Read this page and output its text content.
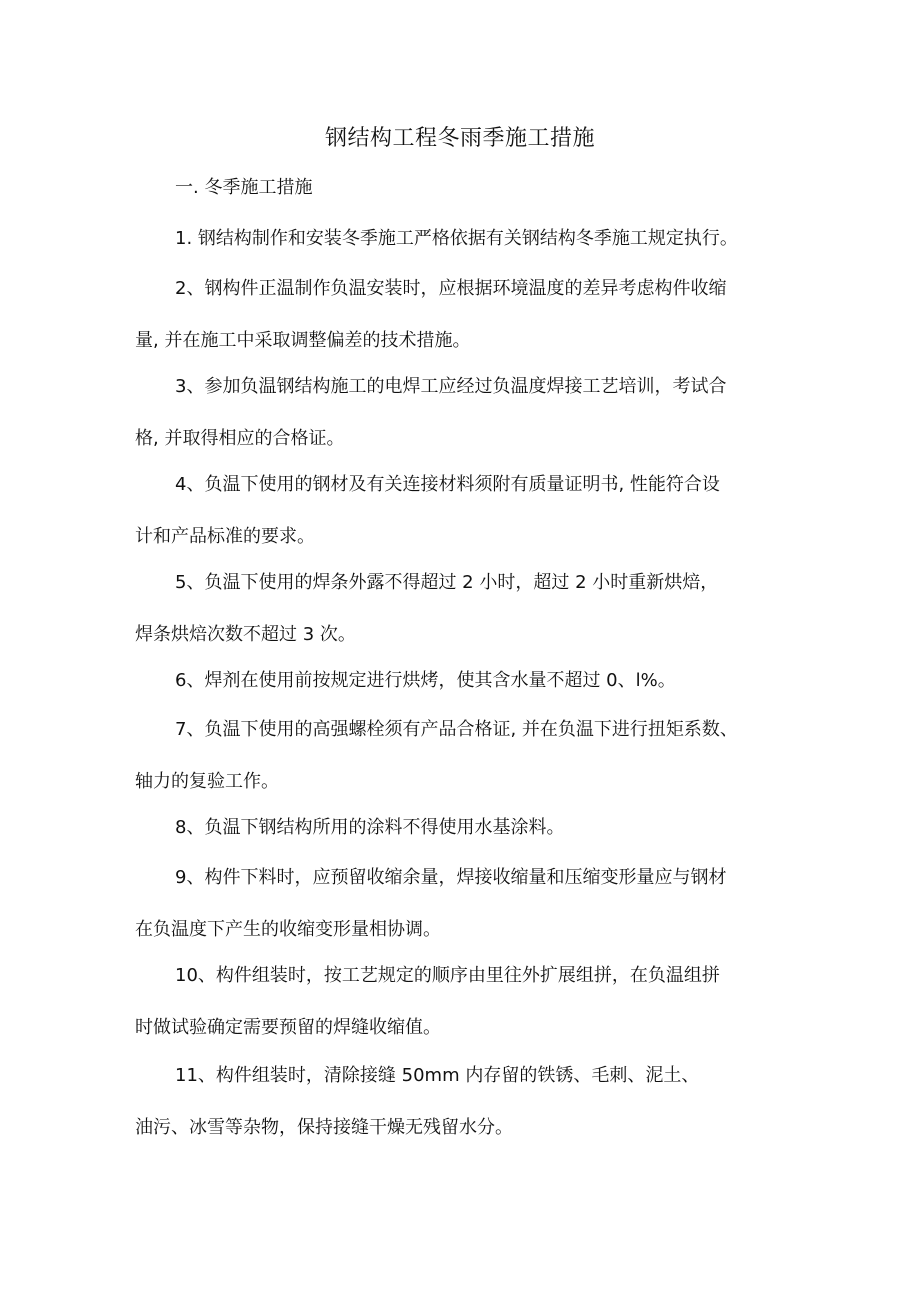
钢结构工程冬雨季施工措施
一. 冬季施工措施
1. 钢结构制作和安装冬季施工严格依据有关钢结构冬季施工规定执行。
2、钢构件正温制作负温安装时，应根据环境温度的差异考虑构件收缩
量, 并在施工中采取调整偏差的技术措施。
3、参加负温钢结构施工的电焊工应经过负温度焊接工艺培训，考试合
格, 并取得相应的合格证。
4、负温下使用的钢材及有关连接材料须附有质量证明书, 性能符合设
计和产品标准的要求。
5、负温下使用的焊条外露不得超过 2 小时，超过 2 小时重新烘焙，
焊条烘焙次数不超过 3 次。
6、焊剂在使用前按规定进行烘烤，使其含水量不超过 0、l%。
7、负温下使用的高强螺栓须有产品合格证, 并在负温下进行扭矩系数、
轴力的复验工作。
8、负温下钢结构所用的涂料不得使用水基涂料。
9、构件下料时，应预留收缩余量，焊接收缩量和压缩变形量应与钢材
在负温度下产生的收缩变形量相协调。
10、构件组装时，按工艺规定的顺序由里往外扩展组拼，在负温组拼
时做试验确定需要预留的焊缝收缩值。
11、构件组装时，清除接缝 50mm 内存留的铁锈、毛刺、泥土、
油污、冰雪等杂物，保持接缝干燥无残留水分。
